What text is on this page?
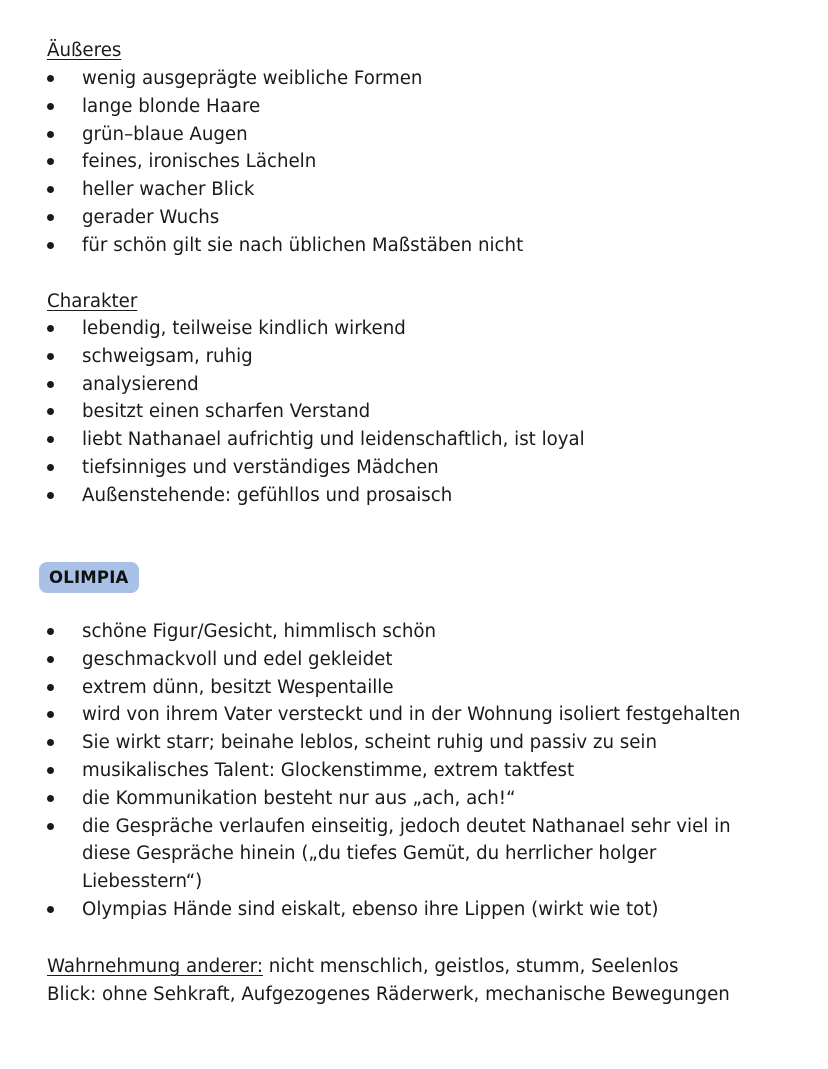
Äußeres
wenig ausgeprägte weibliche Formen
lange blonde Haare
grün–blaue Augen
feines, ironisches Lächeln
heller wacher Blick
gerader Wuchs
für schön gilt sie nach üblichen Maßstäben nicht
Charakter
lebendig, teilweise kindlich wirkend
schweigsam, ruhig
analysierend
besitzt einen scharfen Verstand
liebt Nathanael aufrichtig und leidenschaftlich, ist loyal
tiefsinniges und verständiges Mädchen
Außenstehende: gefühllos und prosaisch
OLIMPIA
schöne Figur/Gesicht, himmlisch schön
geschmackvoll und edel gekleidet
extrem dünn, besitzt Wespentaille
wird von ihrem Vater versteckt und in der Wohnung isoliert festgehalten
Sie wirkt starr; beinahe leblos, scheint ruhig und passiv zu sein
musikalisches Talent: Glockenstimme, extrem taktfest
die Kommunikation besteht nur aus „ach, ach!“
die Gespräche verlaufen einseitig, jedoch deutet Nathanael sehr viel in diese Gespräche hinein („du tiefes Gemüt, du herrlicher holger Liebesstern“)
Olympias Hände sind eiskalt, ebenso ihre Lippen (wirkt wie tot)
Wahrnehmung anderer: nicht menschlich, geistlos, stumm, Seelenlos
Blick: ohne Sehkraft, Aufgezogenes Räderwerk, mechanische Bewegungen
